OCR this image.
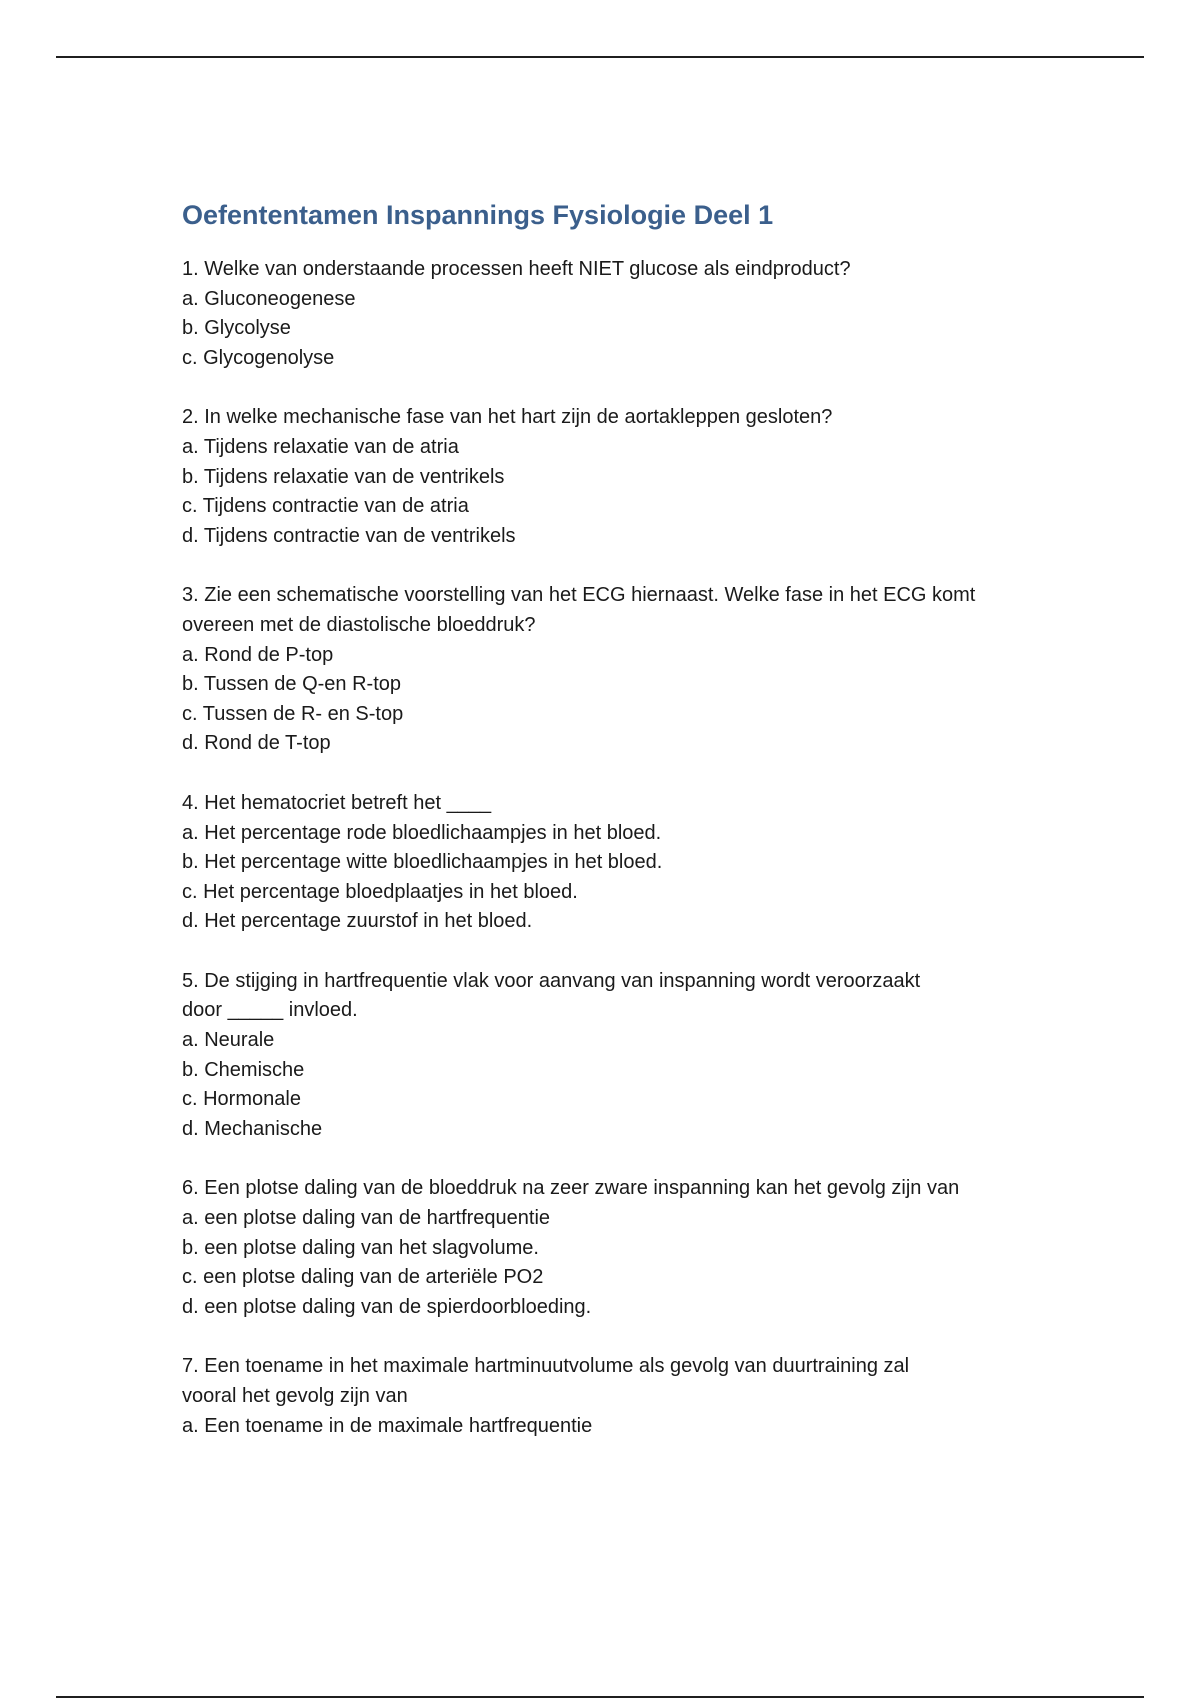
Oefententamen Inspannings Fysiologie Deel 1

1. Welke van onderstaande processen heeft NIET glucose als eindproduct?

a. Gluconeogenese

b. Glycolyse

c. Glycogenolyse

2. In welke mechanische fase van het hart zijn de aortakleppen gesloten?

a. Tijdens relaxatie van de atria

b. Tijdens relaxatie van de ventrikels

c. Tijdens contractie van de atria

d. Tijdens contractie van de ventrikels

3. Zie een schematische voorstelling van het ECG hiernaast. Welke fase in het ECG komt

overeen met de diastolische bloeddruk?

a. Rond de P-top

b. Tussen de Q-en R-top

c. Tussen de R- en S-top

d. Rond de T-top

4. Het hematocriet betreft het ____

a. Het percentage rode bloedlichaampjes in het bloed.

b. Het percentage witte bloedlichaampjes in het bloed.

c. Het percentage bloedplaatjes in het bloed.

d. Het percentage zuurstof in het bloed.

5. De stijging in hartfrequentie vlak voor aanvang van inspanning wordt veroorzaakt

door _____ invloed.

a. Neurale

b. Chemische

c. Hormonale

d. Mechanische

6. Een plotse daling van de bloeddruk na zeer zware inspanning kan het gevolg zijn van

a. een plotse daling van de hartfrequentie

b. een plotse daling van het slagvolume.

c. een plotse daling van de arteriële PO2

d. een plotse daling van de spierdoorbloeding.

7. Een toename in het maximale hartminuutvolume als gevolg van duurtraining zal

vooral het gevolg zijn van

a. Een toename in de maximale hartfrequentie
